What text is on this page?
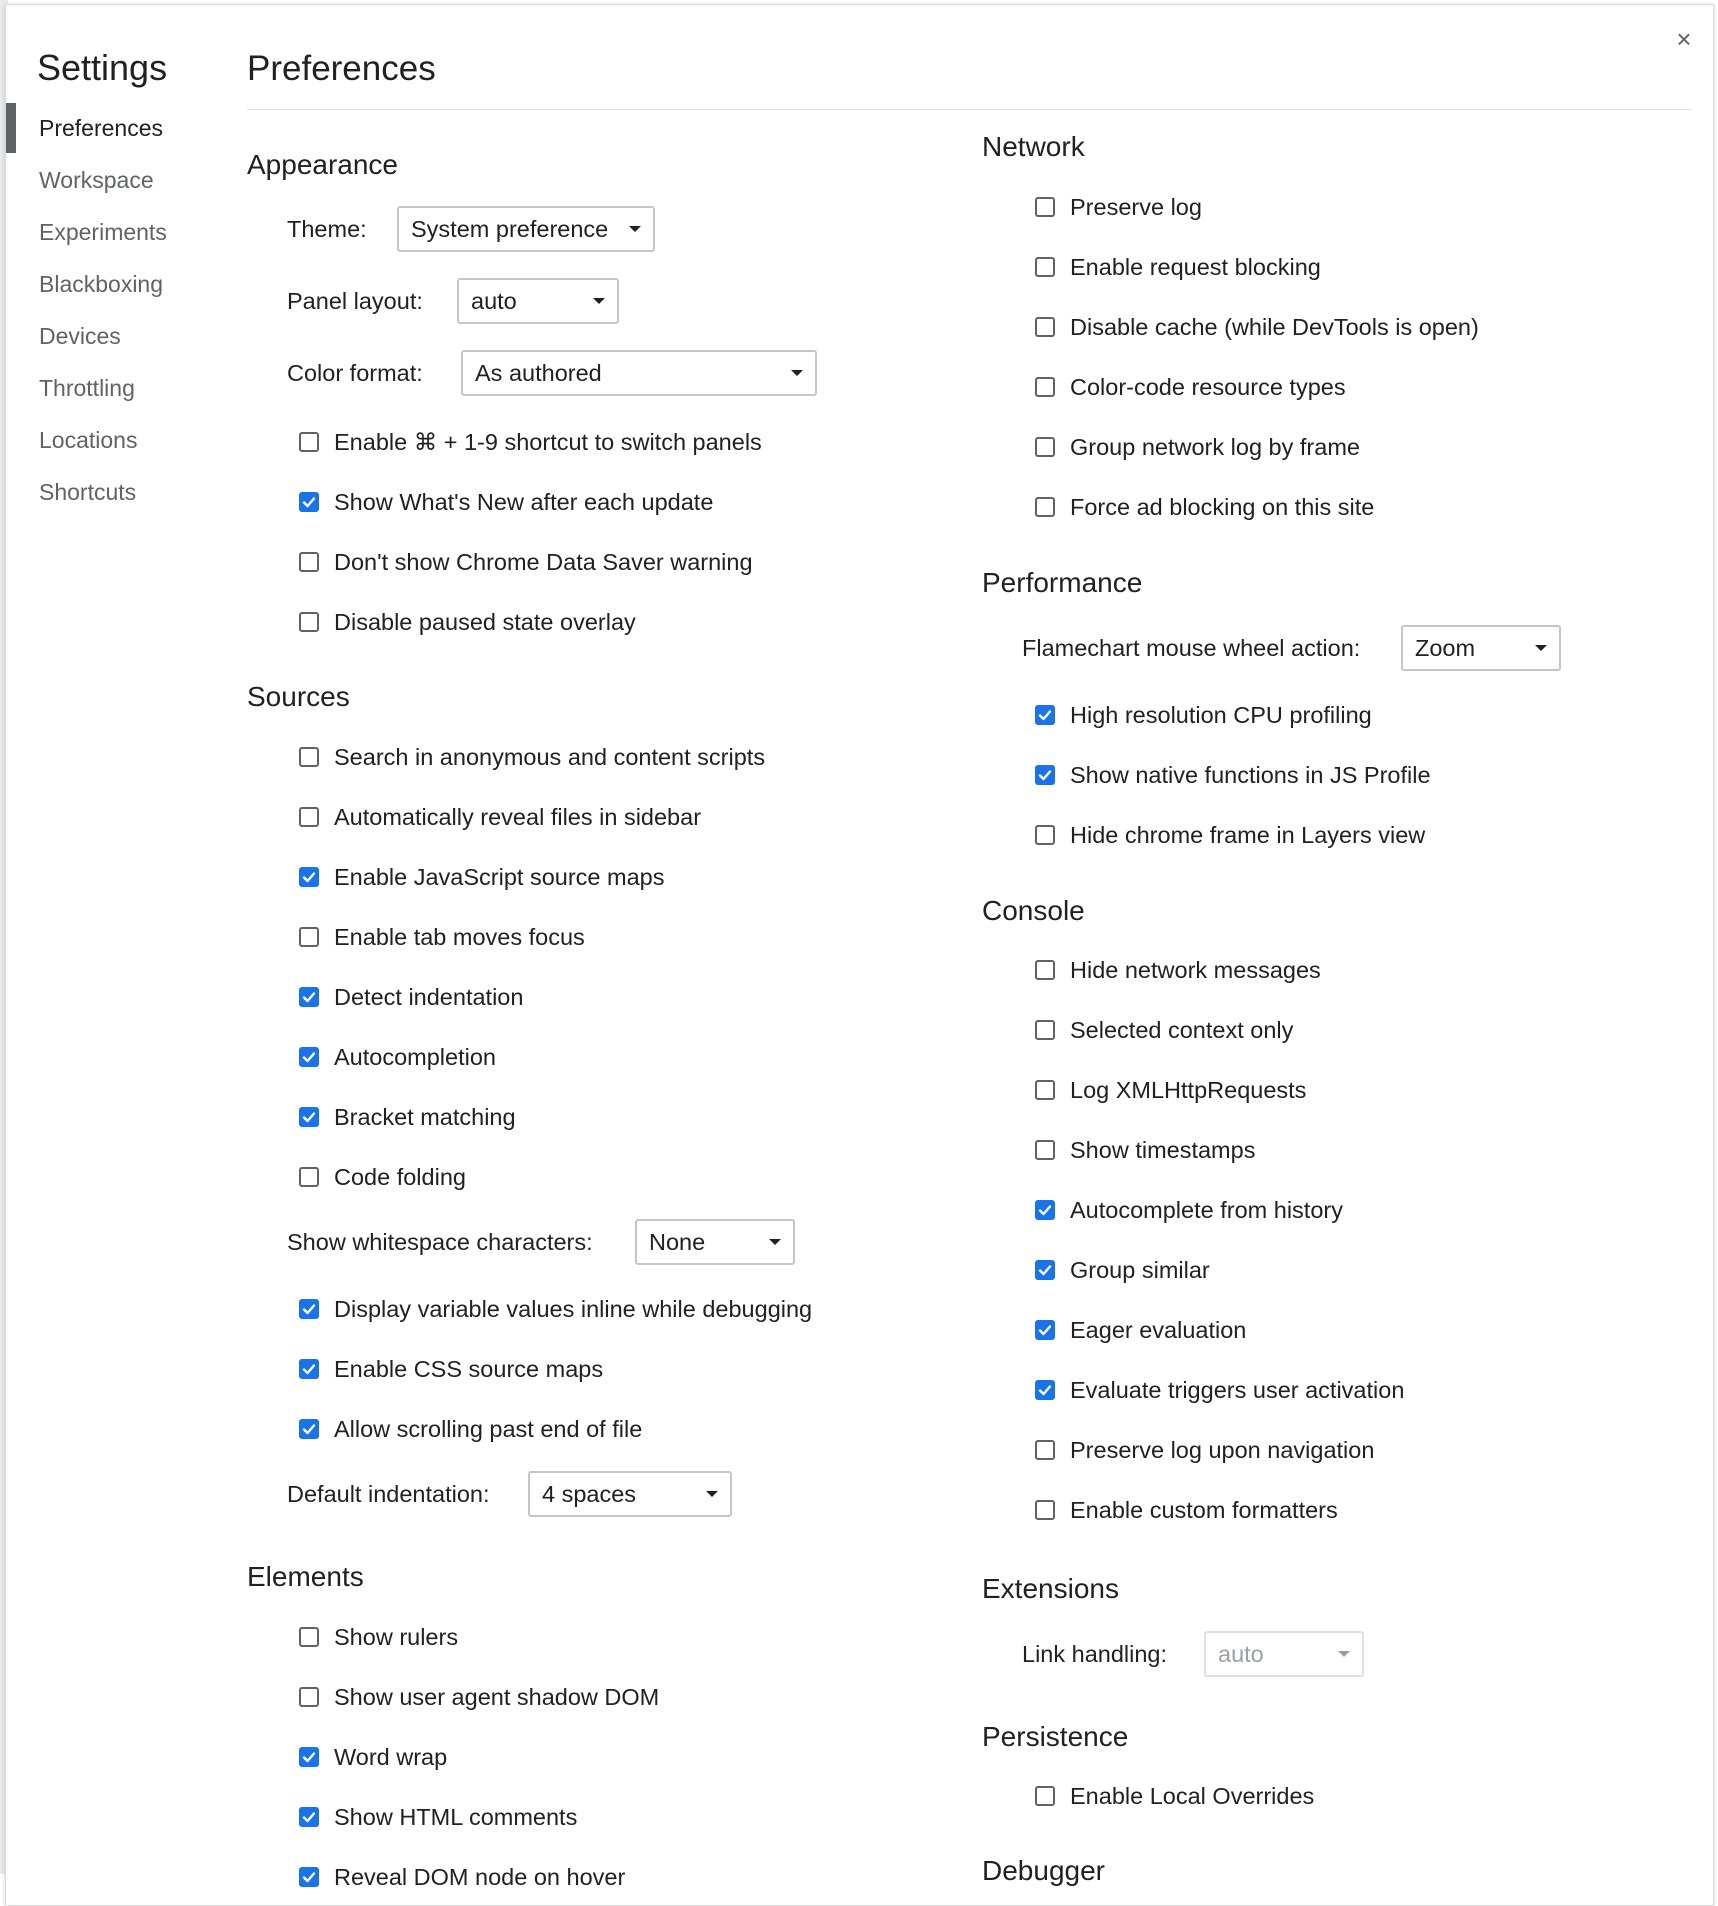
×
Settings
Preferences
Workspace
Experiments
Blackboxing
Devices
Throttling
Locations
Shortcuts
Preferences
Appearance
Theme:	System preference
Panel layout:	auto
Color format:	As authored
Enable ⌘ + 1-9 shortcut to switch panels
Show What's New after each update
Don't show Chrome Data Saver warning
Disable paused state overlay
Sources
Search in anonymous and content scripts
Automatically reveal files in sidebar
Enable JavaScript source maps
Enable tab moves focus
Detect indentation
Autocompletion
Bracket matching
Code folding
Show whitespace characters:	None
Display variable values inline while debugging
Enable CSS source maps
Allow scrolling past end of file
Default indentation:	4 spaces
Elements
Show rulers
Show user agent shadow DOM
Word wrap
Show HTML comments
Reveal DOM node on hover
Network
Preserve log
Enable request blocking
Disable cache (while DevTools is open)
Color-code resource types
Group network log by frame
Force ad blocking on this site
Performance
Flamechart mouse wheel action:	Zoom
High resolution CPU profiling
Show native functions in JS Profile
Hide chrome frame in Layers view
Console
Hide network messages
Selected context only
Log XMLHttpRequests
Show timestamps
Autocomplete from history
Group similar
Eager evaluation
Evaluate triggers user activation
Preserve log upon navigation
Enable custom formatters
Extensions
Link handling:	auto
Persistence
Enable Local Overrides
Debugger
